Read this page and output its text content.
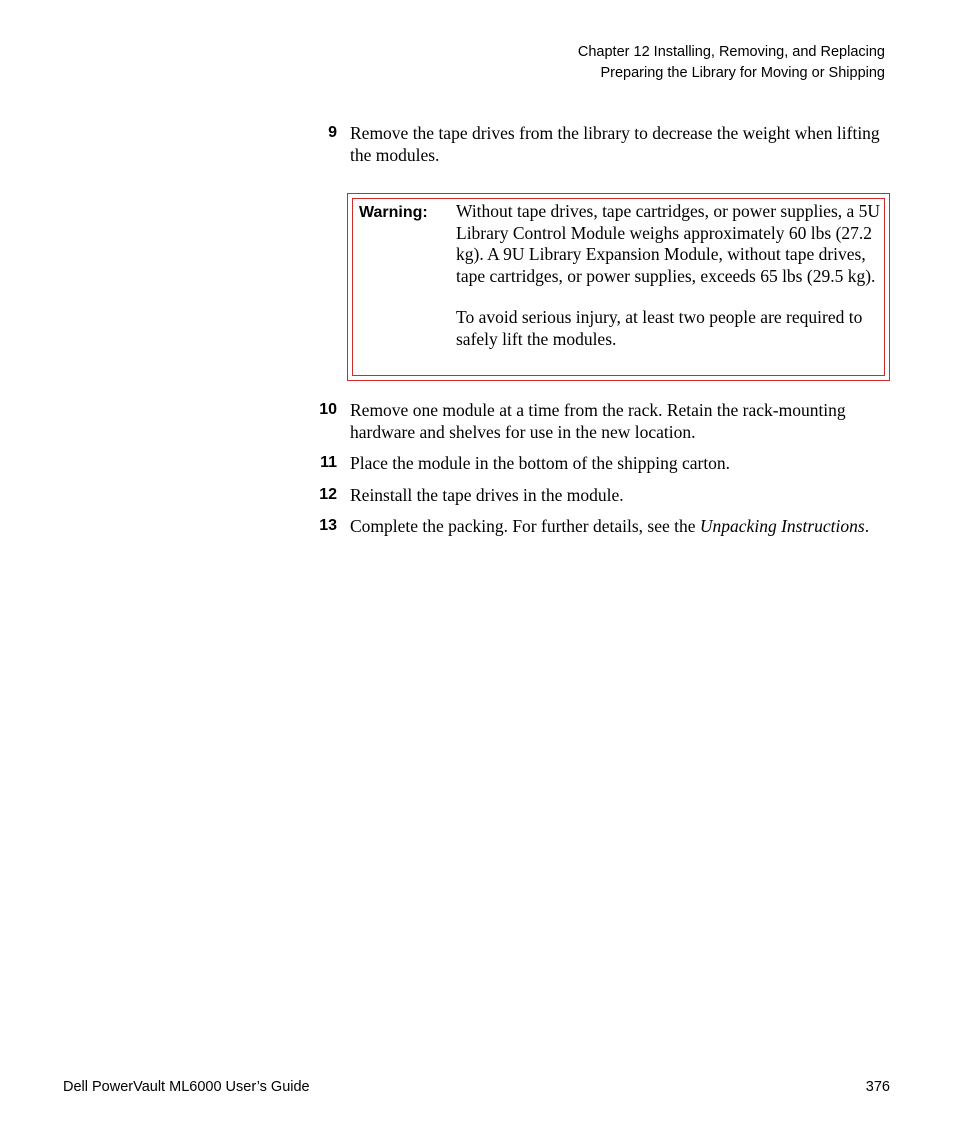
Chapter 12 Installing, Removing, and Replacing
Preparing the Library for Moving or Shipping
9 Remove the tape drives from the library to decrease the weight when lifting the modules.
Warning: Without tape drives, tape cartridges, or power supplies, a 5U Library Control Module weighs approximately 60 lbs (27.2 kg). A 9U Library Expansion Module, without tape drives, tape cartridges, or power supplies, exceeds 65 lbs (29.5 kg).

To avoid serious injury, at least two people are required to safely lift the modules.

10 Remove one module at a time from the rack. Retain the rack-mounting hardware and shelves for use in the new location.
11 Place the module in the bottom of the shipping carton.
12 Reinstall the tape drives in the module.
13 Complete the packing. For further details, see the Unpacking Instructions.
Dell PowerVault ML6000 User’s Guide	376
